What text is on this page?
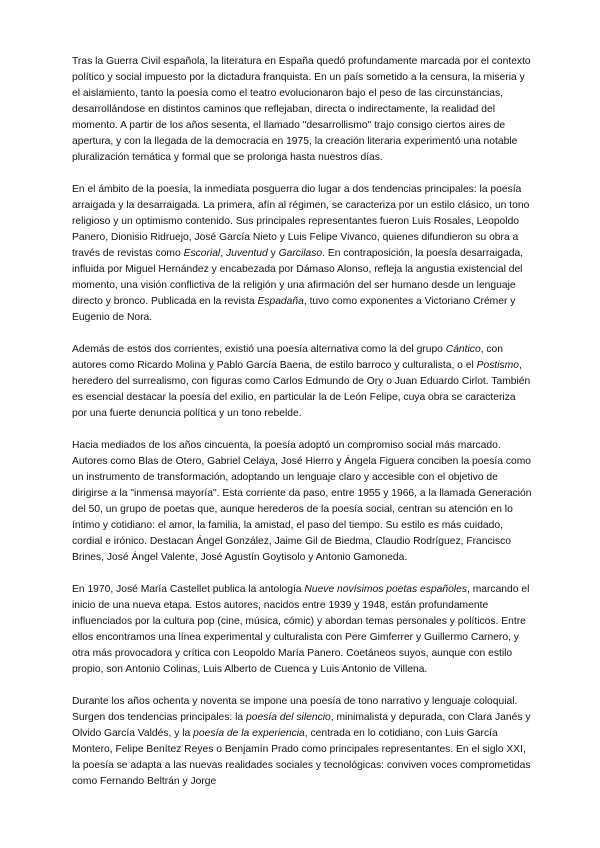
Tras la Guerra Civil española, la literatura en España quedó profundamente marcada por el contexto político y social impuesto por la dictadura franquista. En un país sometido a la censura, la miseria y el aislamiento, tanto la poesía como el teatro evolucionaron bajo el peso de las circunstancias, desarrollándose en distintos caminos que reflejaban, directa o indirectamente, la realidad del momento. A partir de los años sesenta, el llamado "desarrollismo" trajo consigo ciertos aires de apertura, y con la llegada de la democracia en 1975, la creación literaria experimentó una notable pluralización temática y formal que se prolonga hasta nuestros días.

En el ámbito de la poesía, la inmediata posguerra dio lugar a dos tendencias principales: la poesía arraigada y la desarraigada. La primera, afín al régimen, se caracteriza por un estilo clásico, un tono religioso y un optimismo contenido. Sus principales representantes fueron Luis Rosales, Leopoldo Panero, Dionisio Ridruejo, José García Nieto y Luis Felipe Vivanco, quienes difundieron su obra a través de revistas como Escorial, Juventud y Garcilaso. En contraposición, la poesía desarraigada, influida por Miguel Hernández y encabezada por Dámaso Alonso, refleja la angustia existencial del momento, una visión conflictiva de la religión y una afirmación del ser humano desde un lenguaje directo y bronco. Publicada en la revista Espadaña, tuvo como exponentes a Victoriano Crémer y Eugenio de Nora.

Además de estos dos corrientes, existió una poesía alternativa como la del grupo Cántico, con autores como Ricardo Molina y Pablo García Baena, de estilo barroco y culturalista, o el Postismo, heredero del surrealismo, con figuras como Carlos Edmundo de Ory o Juan Eduardo Cirlot. También es esencial destacar la poesía del exilio, en particular la de León Felipe, cuya obra se caracteriza por una fuerte denuncia política y un tono rebelde.

Hacia mediados de los años cincuenta, la poesía adoptó un compromiso social más marcado. Autores como Blas de Otero, Gabriel Celaya, José Hierro y Ángela Figuera conciben la poesía como un instrumento de transformación, adoptando un lenguaje claro y accesible con el objetivo de dirigirse a la "inmensa mayoría". Esta corriente da paso, entre 1955 y 1966, a la llamada Generación del 50, un grupo de poetas que, aunque herederos de la poesía social, centran su atención en lo íntimo y cotidiano: el amor, la familia, la amistad, el paso del tiempo. Su estilo es más cuidado, cordial e irónico. Destacan Ángel González, Jaime Gil de Biedma, Claudio Rodríguez, Francisco Brines, José Ángel Valente, José Agustín Goytisolo y Antonio Gamoneda.

En 1970, José María Castellet publica la antología Nueve novísimos poetas españoles, marcando el inicio de una nueva etapa. Estos autores, nacidos entre 1939 y 1948, están profundamente influenciados por la cultura pop (cine, música, cómic) y abordan temas personales y políticos. Entre ellos encontramos una línea experimental y culturalista con Pere Gimferrer y Guillermo Carnero, y otra más provocadora y crítica con Leopoldo María Panero. Coetáneos suyos, aunque con estilo propio, son Antonio Colinas, Luis Alberto de Cuenca y Luis Antonio de Villena.

Durante los años ochenta y noventa se impone una poesía de tono narrativo y lenguaje coloquial. Surgen dos tendencias principales: la poesía del silencio, minimalista y depurada, con Clara Janés y Olvido García Valdés, y la poesía de la experiencia, centrada en lo cotidiano, con Luis García Montero, Felipe Benítez Reyes o Benjamín Prado como principales representantes. En el siglo XXI, la poesía se adapta a las nuevas realidades sociales y tecnológicas: conviven voces comprometidas como Fernando Beltrán y Jorge
